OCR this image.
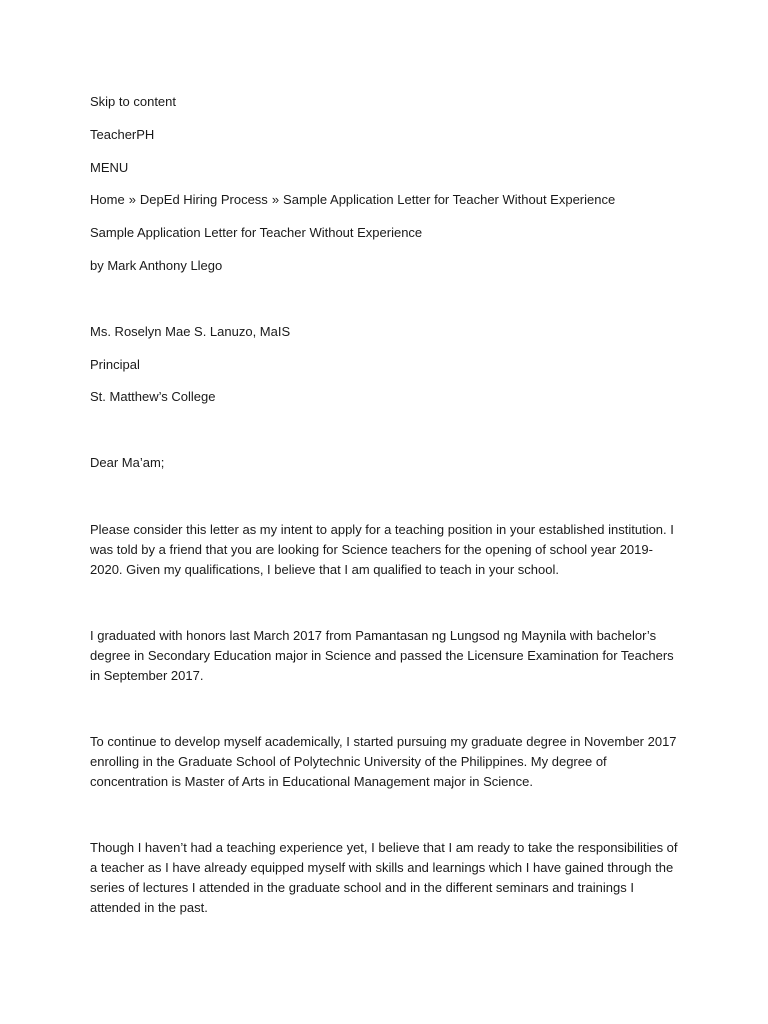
Skip to content

TeacherPH

MENU

Home » DepEd Hiring Process » Sample Application Letter for Teacher Without Experience

Sample Application Letter for Teacher Without Experience

by Mark Anthony Llego

Ms. Roselyn Mae S. Lanuzo, MaIS

Principal

St. Matthew’s College

Dear Ma’am;

Please consider this letter as my intent to apply for a teaching position in your established institution. I was told by a friend that you are looking for Science teachers for the opening of school year 2019-2020. Given my qualifications, I believe that I am qualified to teach in your school.

I graduated with honors last March 2017 from Pamantasan ng Lungsod ng Maynila with bachelor’s degree in Secondary Education major in Science and passed the Licensure Examination for Teachers in September 2017.

To continue to develop myself academically, I started pursuing my graduate degree in November 2017 enrolling in the Graduate School of Polytechnic University of the Philippines. My degree of concentration is Master of Arts in Educational Management major in Science.

Though I haven’t had a teaching experience yet, I believe that I am ready to take the responsibilities of a teacher as I have already equipped myself with skills and learnings which I have gained through the series of lectures I attended in the graduate school and in the different seminars and trainings I attended in the past.
